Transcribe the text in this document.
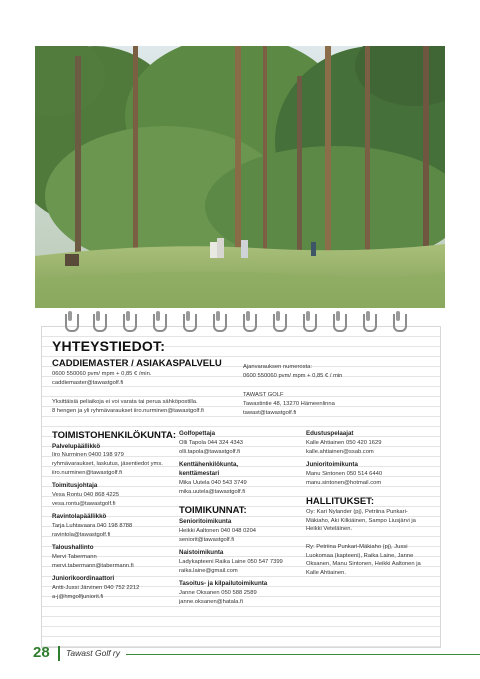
YHTEYSTIEDOT:
CADDIEMASTER / ASIAKASPALVELU
0600 550060 pvm/ mpm + 0,85 € /min.
caddiemaster@tawastgolf.fi
Yksittäisiä peliaikoja ei voi varata tai perua sähköpostilla.
8 hengen ja yli ryhmävaraukset iiro.nurminen@tawastgolf.fi
Ajanvarauksen numerosta:
0600 550060 pvm/ mpm + 0,85 € / min
TAWAST GOLF
Tawastintie 48, 13270 Hämeenlinna
tawast@tawastgolf.fi
TOIMISTOHENKILÖKUNTA:
Palvelupäällikkö
Iiro Nurminen 0400 198 979
ryhmävaraukset, laskutus, jäsentiedot yms.
iiro.nurminen@tawastgolf.fi
Toimitusjohtaja
Vesa Rontu 040 868 4225
vesa.rontu@tawastgolf.fi
Ravintolapäällikkö
Tarja Luhtavaara 040 198 8788
ravintola@tawastgolf.fi
Taloushallinto
Mervi Tabermann
mervi.tabermann@tabermann.fi
Juniorikoordinaattori
Antti-Jussi Järvinen 040 752 2212
a-j@hmgolfjuniorit.fi
Golfopettaja
Olli Tapola 044 324 4343
olli.tapola@tawastgolf.fi
Kenttähenkilökunta, kenttämestari
Mika Uutela 040 543 3749
mika.uutela@tawastgolf.fi
TOIMIKUNNAT:
Senioritoimikunta
Heikki Aaltonen 040 048 0204
seniorit@tawastgolf.fi
Naistoimikunta
Ladykapteeni Raika Laine 050 547 7399
raika.laine@gmail.com
Tasoitus- ja kilpailutoimikunta
Janne Oksanen 050 588 2589
janne.oksanen@hatala.fi
Edustuspelaajat
Kalle Ahtiainen 050 420 1629
kalle.ahtiainen@ssab.com
Junioritoimikunta
Manu Sintonen 050 514 6440
manu.sintonen@hotmail.com
HALLITUKSET:
Oy: Kari Nylander (pj), Petriina Punkari-Mäkiaho, Aki Kilkiäinen, Sampo Liusjärvi ja Heikki Veteläinen.
Ry: Petriina Punkari-Mäkiaho (pj), Jussi Luokomaa (kapteeni), Raika Laine, Janne Oksanen, Manu Sintonen, Heikki Aaltonen ja Kalle Ahtiainen.
28 Tawast Golf ry
